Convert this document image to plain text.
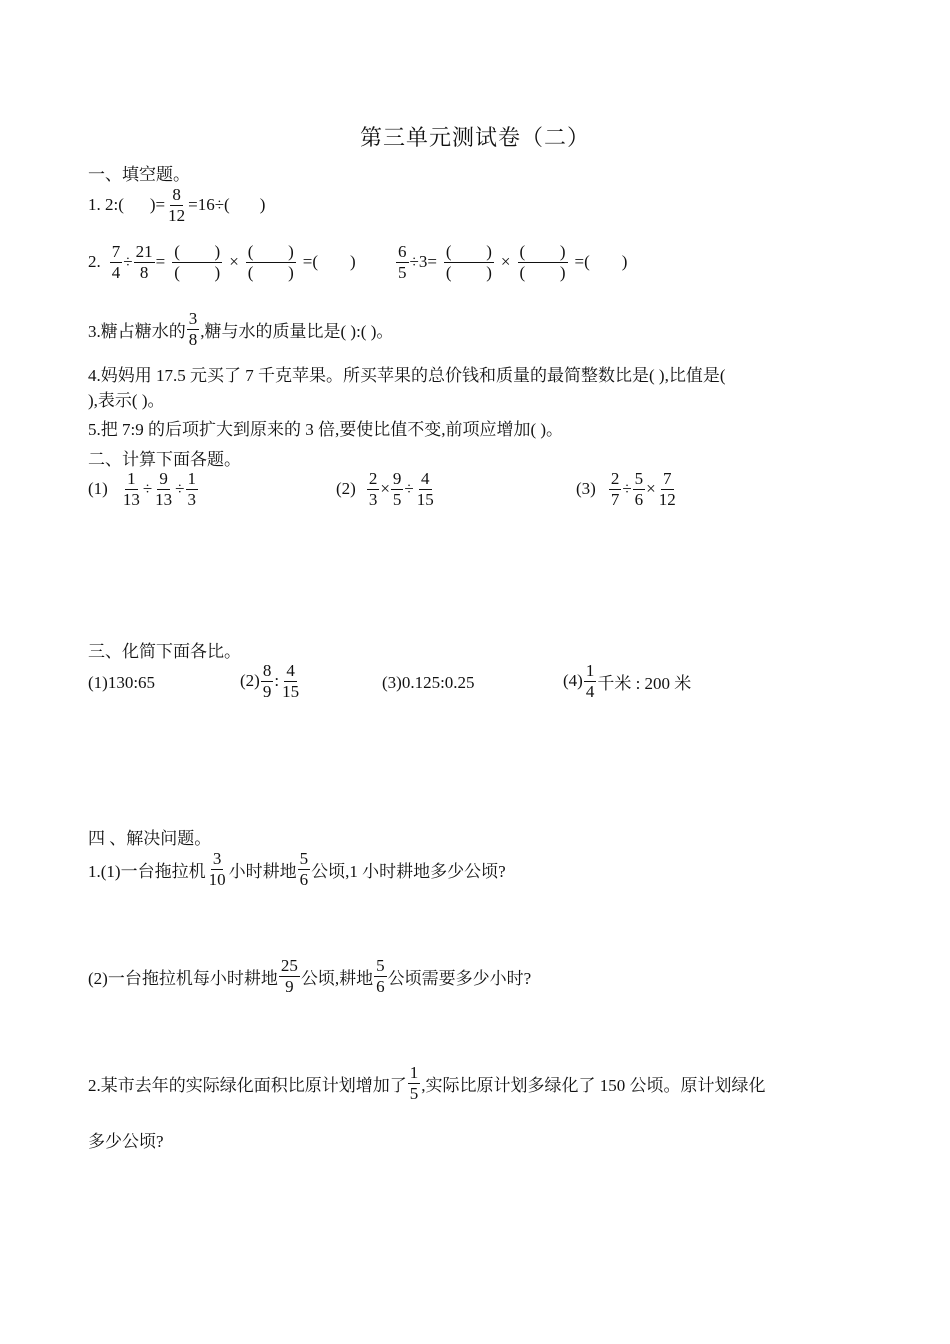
第三单元测试卷（二）
一、填空题。
1. 2:( )= $\frac{8}{12} =16\div$( )
2. $\frac{7}{4} \div \frac{21}{8} = \frac{( )}{( )} \times \frac{( )}{( )}$ =( ) $\frac{6}{5} \div 3= \frac{( )}{( )} \times \frac{( )}{( )}$ =( )
3.糖占糖水的 $\frac{3}{8}$ ,糖与水的质量比是( ):( )。
4.妈妈用 17.5 元买了 7 千克苹果。所买苹果的总价钱和质量的最简整数比是( ),比值是(
),表示( )。
5.把 7:9 的后项扩大到原来的 3 倍,要使比值不变,前项应增加( )。
二、计算下面各题。
$(1) \frac{1}{13} \div \frac{9}{13} \div \frac{1}{3}$	$(2) \frac{2}{3} \times \frac{9}{5} \div \frac{4}{15}$	$(3) \frac{2}{7} \div \frac{5}{6} \times \frac{7}{12}$
三、化简下面各比。
(1)130:65	$(2) \frac{8}{9}$ : $\frac{4}{15}$	(3)0.125:0.25	$(4) \frac{1}{4}$ 千米 : 200 米
四 、解决问题。
1.(1)一台拖拉机 $\frac{3}{10}$ 小时耕地 $\frac{5}{6}$ 公顷,1 小时耕地多少公顷?
(2)一台拖拉机每小时耕地 $\frac{25}{9}$ 公顷,耕地 $\frac{5}{6}$ 公顷需要多少小时?
2.某市去年的实际绿化面积比原计划增加了 $\frac{1}{5}$ ,实际比原计划多绿化了 150 公顷。原计划绿化
多少公顷?
